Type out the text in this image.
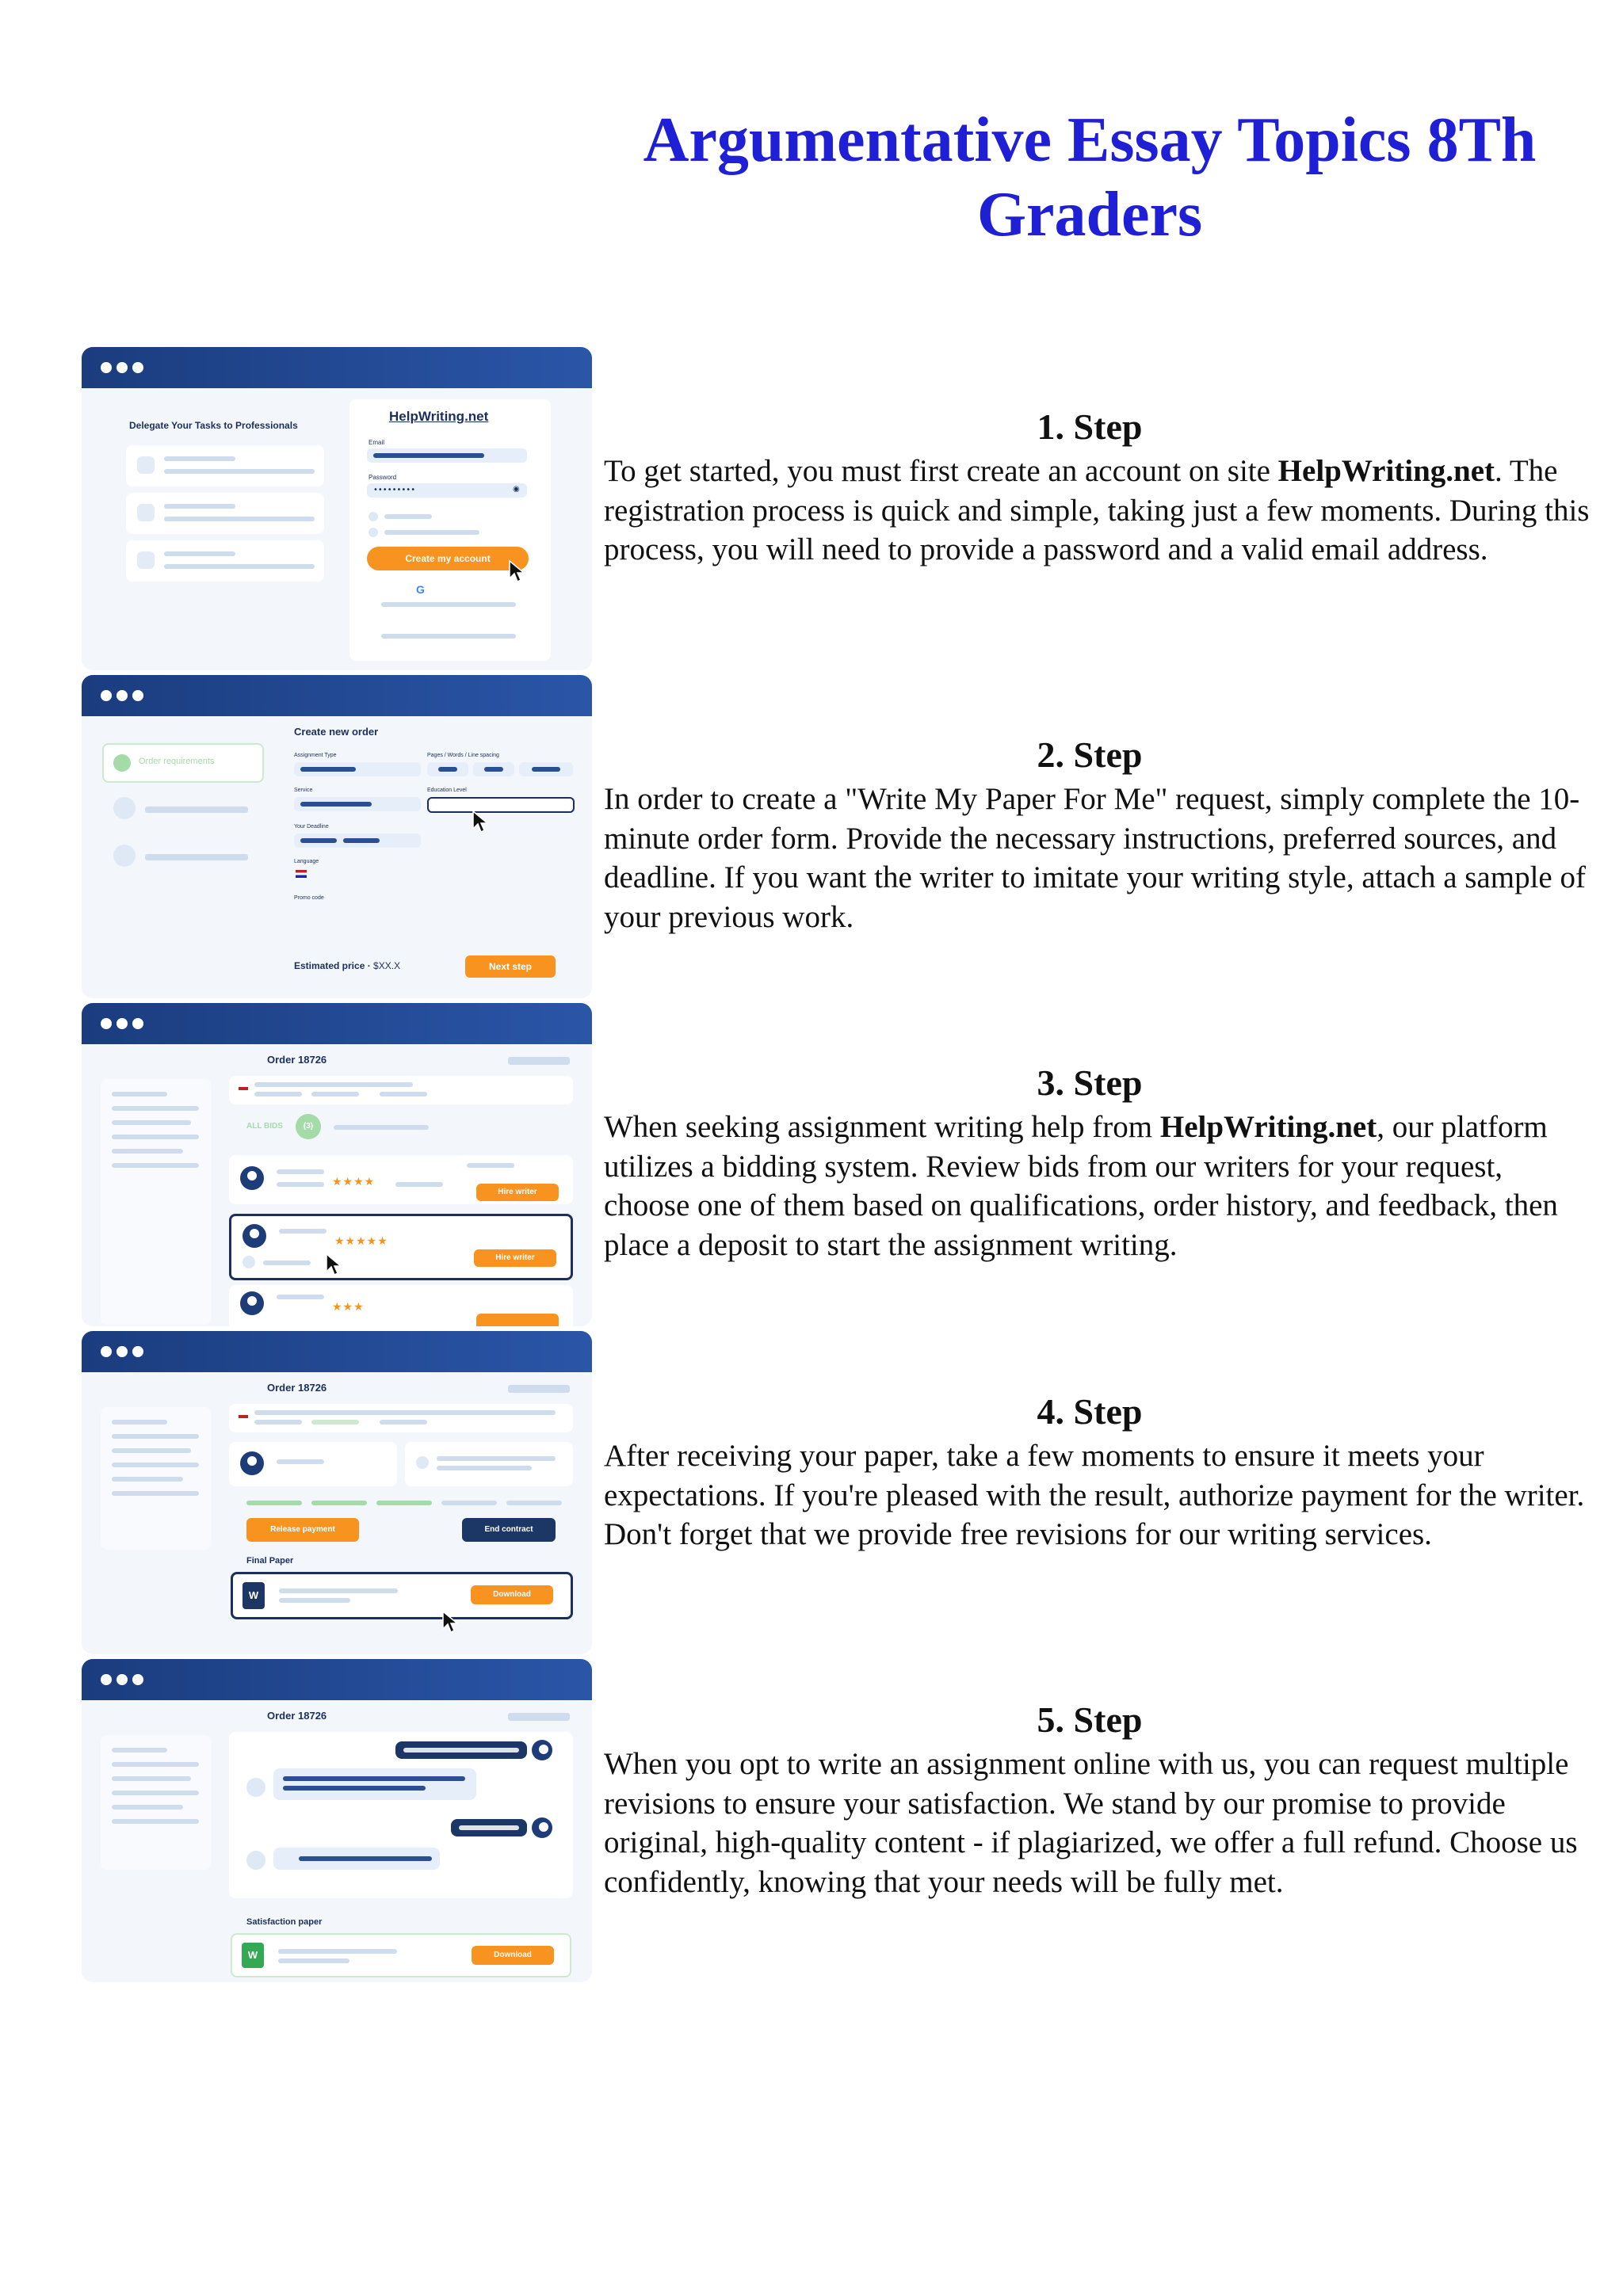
Argumentative Essay Topics 8Th Graders
Delegate Your Tasks to Professionals
HelpWriting.net
Email
Password
•••••••••	◉
Create my account
G
Order requirements
Create new order
Assignment Type	Pages / Words / Line spacing
Service	Education Level
Your Deadline
Language
Promo code
Estimated price · $XX.X	Next step
Order 18726
ALL BIDS	(3)
★★★★
Hire writer
★★★★★
Hire writer
★★★
Order 18726
Release payment	End contract
Final Paper
W	Download
Order 18726
Satisfaction paper
W	Download
1. Step

To get started, you must first create an account on site HelpWriting.net. The registration process is quick and simple, taking just a few moments. During this process, you will need to provide a password and a valid email address.

2. Step

In order to create a "Write My Paper For Me" request, simply complete the 10-minute order form. Provide the necessary instructions, preferred sources, and deadline. If you want the writer to imitate your writing style, attach a sample of your previous work.

3. Step

When seeking assignment writing help from HelpWriting.net, our platform utilizes a bidding system. Review bids from our writers for your request, choose one of them based on qualifications, order history, and feedback, then place a deposit to start the assignment writing.

4. Step

After receiving your paper, take a few moments to ensure it meets your expectations. If you're pleased with the result, authorize payment for the writer. Don't forget that we provide free revisions for our writing services.

5. Step

When you opt to write an assignment online with us, you can request multiple revisions to ensure your satisfaction. We stand by our promise to provide original, high-quality content - if plagiarized, we offer a full refund. Choose us confidently, knowing that your needs will be fully met.
